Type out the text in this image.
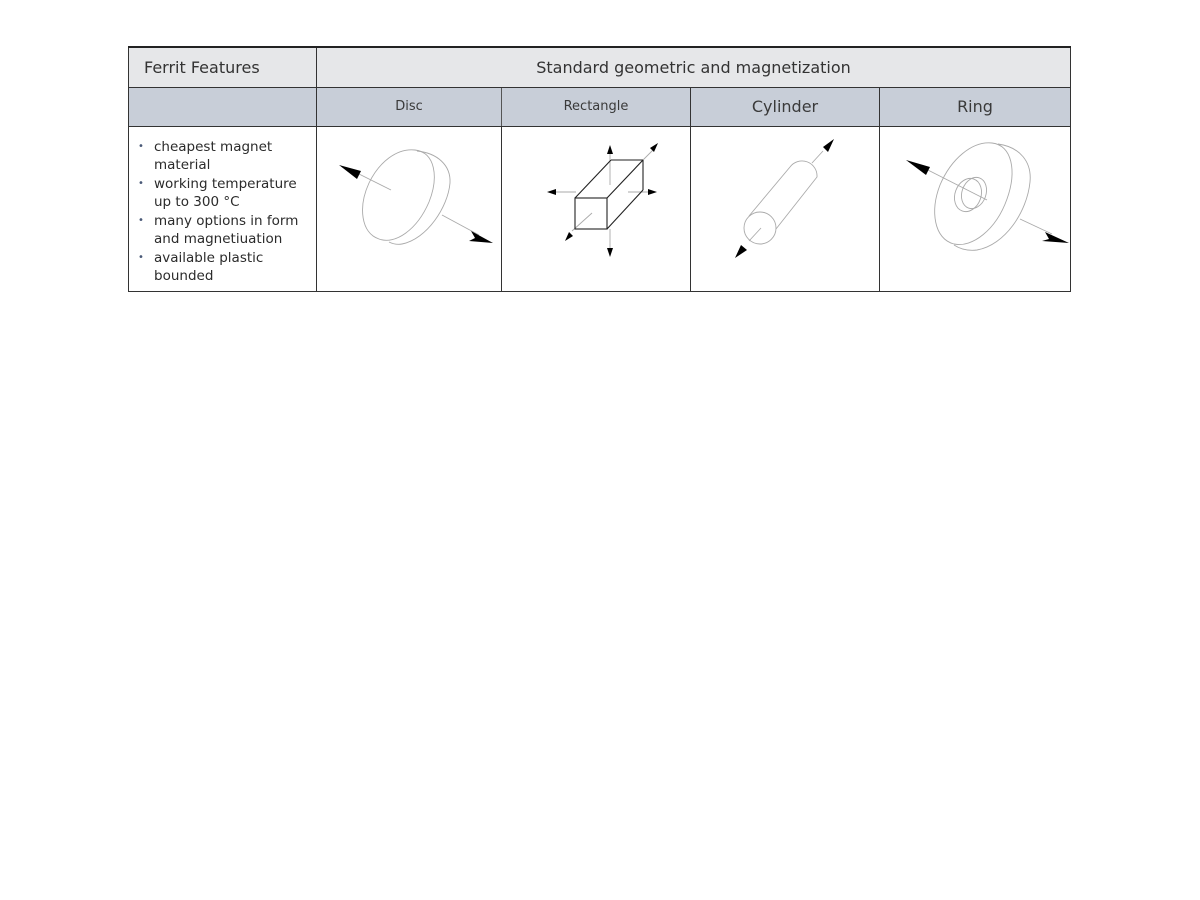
Ferrit Features	Standard geometric and magnetization			
	Disc	Rectangle	Cylinder	Ring

• cheapest magnet
material
• working temperature
up to 300 °C
• many options in form
and magnetiuation
• available plastic
bounded
